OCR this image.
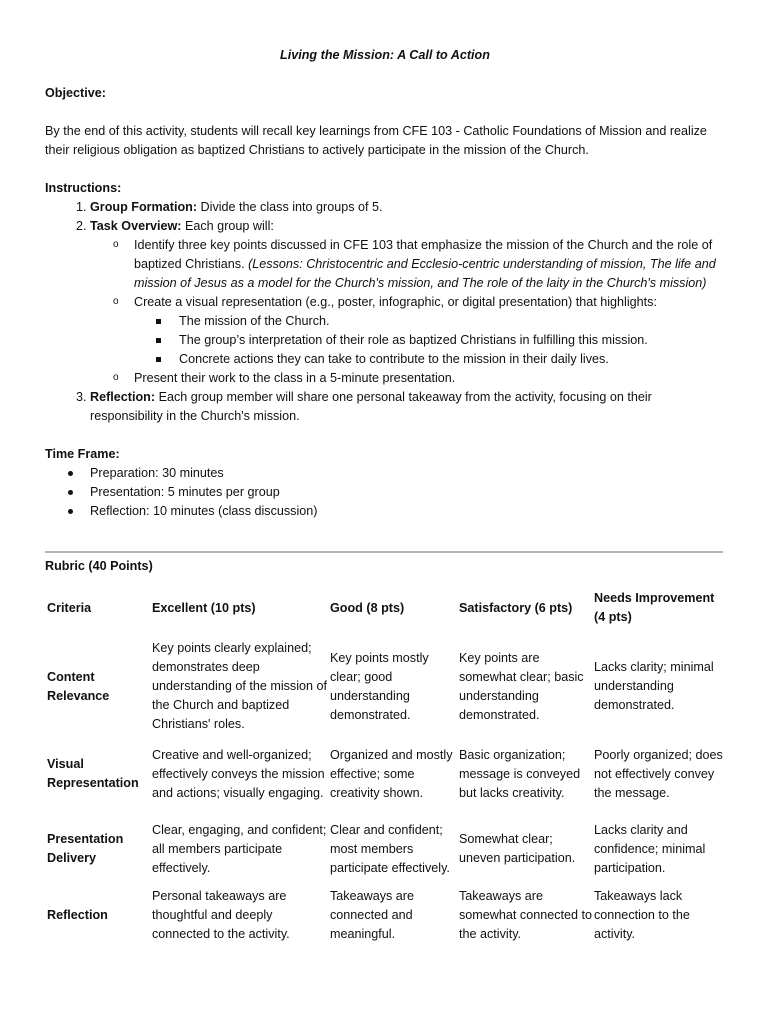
Living the Mission: A Call to Action

Objective:

By the end of this activity, students will recall key learnings from CFE 103 - Catholic Foundations of Mission and realize their religious obligation as baptized Christians to actively participate in the mission of the Church.

Instructions:

1. Group Formation: Divide the class into groups of 5.
2. Task Overview: Each group will:
o Identify three key points discussed in CFE 103 that emphasize the mission of the Church and the role of baptized Christians. (Lessons: Christocentric and Ecclesio-centric understanding of mission, The life and mission of Jesus as a model for the Church's mission, and The role of the laity in the Church's mission)
o Create a visual representation (e.g., poster, infographic, or digital presentation) that highlights:
The mission of the Church.
The group’s interpretation of their role as baptized Christians in fulfilling this mission.
Concrete actions they can take to contribute to the mission in their daily lives.
o Present their work to the class in a 5-minute presentation.
3. Reflection: Each group member will share one personal takeaway from the activity, focusing on their responsibility in the Church's mission.

Time Frame:

Preparation: 30 minutes
Presentation: 5 minutes per group
Reflection: 10 minutes (class discussion)
Rubric (40 Points)
Criteria	Excellent (10 pts)	Good (8 pts)	Satisfactory (6 pts)	Needs Improvement (4 pts)
Content Relevance	Key points clearly explained; demonstrates deep understanding of the mission of the Church and baptized Christians' roles.	Key points mostly clear; good understanding demonstrated.	Key points are somewhat clear; basic understanding demonstrated.	Lacks clarity; minimal understanding demonstrated.
Visual Representation	Creative and well-organized; effectively conveys the mission and actions; visually engaging.	Organized and mostly effective; some creativity shown.	Basic organization; message is conveyed but lacks creativity.	Poorly organized; does not effectively convey the message.
Presentation Delivery	Clear, engaging, and confident; all members participate effectively.	Clear and confident; most members participate effectively.	Somewhat clear; uneven participation.	Lacks clarity and confidence; minimal participation.
Reflection	Personal takeaways are thoughtful and deeply connected to the activity.	Takeaways are connected and meaningful.	Takeaways are somewhat connected to the activity.	Takeaways lack connection to the activity.
